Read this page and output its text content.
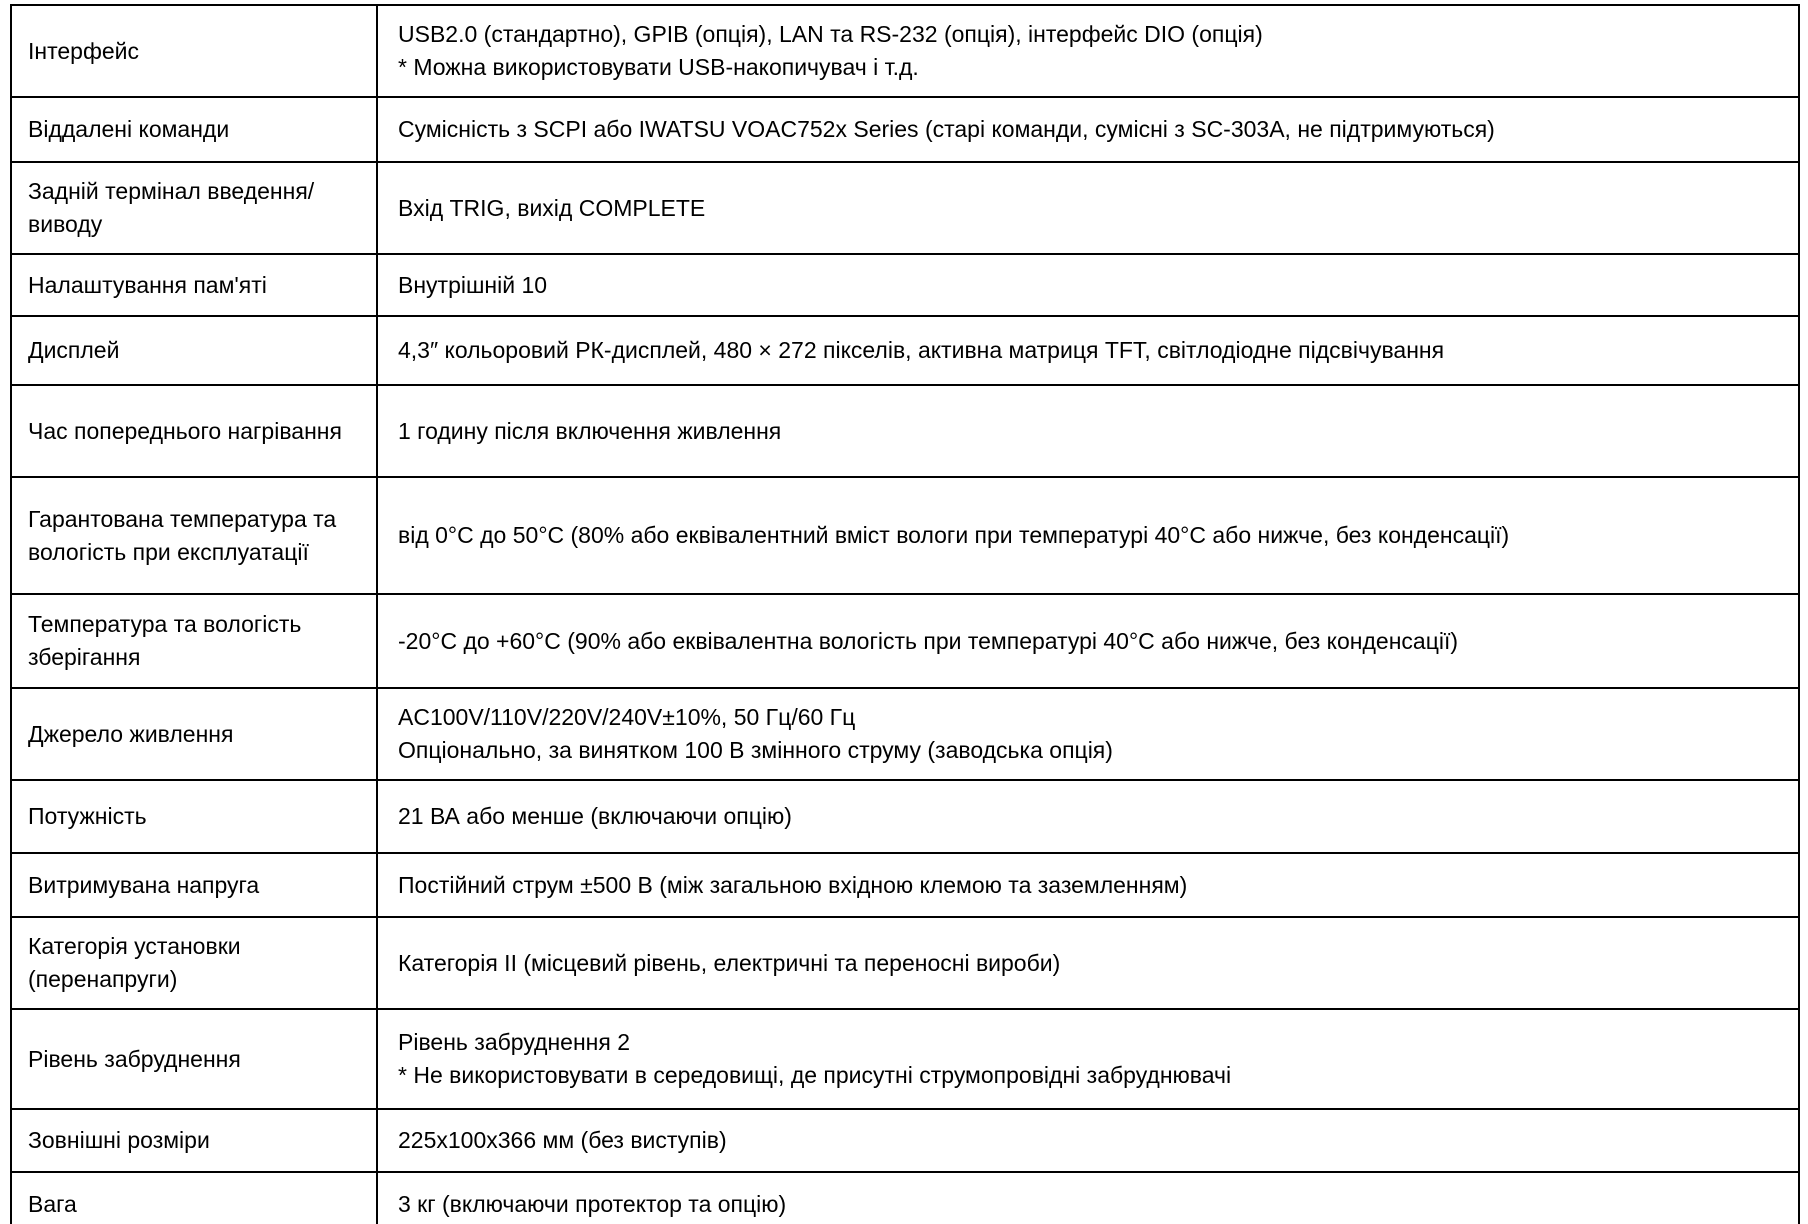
Інтерфейс	USB2.0 (стандартно), GPIB (опція), LAN та RS-232 (опція), інтерфейс DIO (опція)
* Можна використовувати USB-накопичувач і т.д.

Віддалені команди	Сумісність з SCPI або IWATSU VOAC752x Series (старі команди, сумісні з SC-303A, не підтримуються)

Задній термінал введення/виводу	Вхід TRIG, вихід COMPLETE

Налаштування пам'яті	Внутрішній 10

Дисплей	4,3″ кольоровий РК-дисплей, 480 × 272 пікселів, активна матриця TFT, світлодіодне підсвічування

Час попереднього нагрівання	1 годину після включення живлення

Гарантована температура та вологість при експлуатації	від 0°C до 50°C (80% або еквівалентний вміст вологи при температурі 40°C або нижче, без конденсації)

Температура та вологість зберігання	-20°C до +60°C (90% або еквівалентна вологість при температурі 40°C або нижче, без конденсації)

Джерело живлення	AC100V/110V/220V/240V±10%, 50 Гц/60 Гц
Опціонально, за винятком 100 В змінного струму (заводська опція)

Потужність	21 ВА або менше (включаючи опцію)

Витримувана напруга	Постійний струм ±500 В (між загальною вхідною клемою та заземленням)

Категорія установки (перенапруги)	Категорія II (місцевий рівень, електричні та переносні вироби)

Рівень забруднення	Рівень забруднення 2
* Не використовувати в середовищі, де присутні струмопровідні забруднювачі

Зовнішні розміри	225x100x366 мм (без виступів)

Вага	3 кг (включаючи протектор та опцію)
